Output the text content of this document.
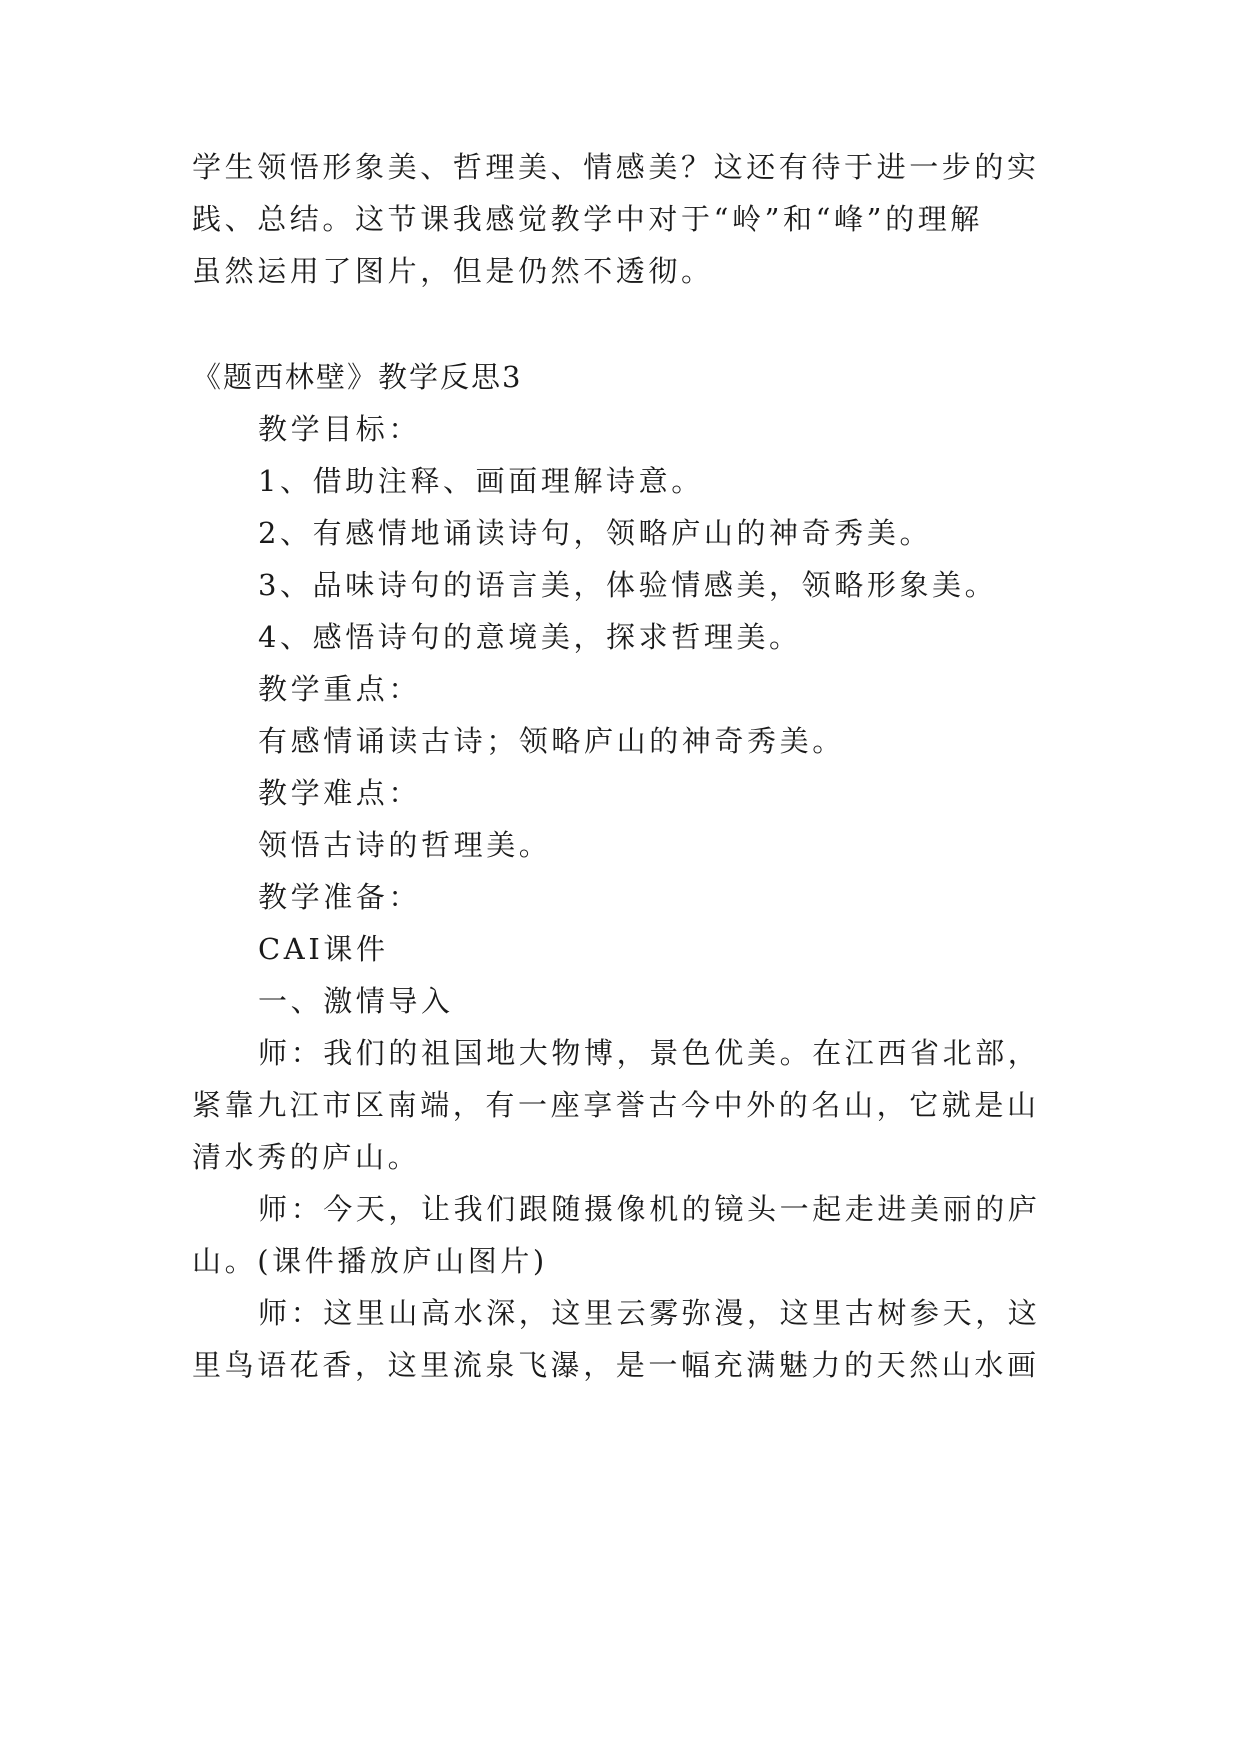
学生领悟形象美、哲理美、情感美？这还有待于进一步的实

践、总结。这节课我感觉教学中对于“岭”和“峰”的理解

虽然运用了图片，但是仍然不透彻。

《题西林壁》教学反思3

教学目标：

1、借助注释、画面理解诗意。

2、有感情地诵读诗句，领略庐山的神奇秀美。

3、品味诗句的语言美，体验情感美，领略形象美。

4、感悟诗句的意境美，探求哲理美。

教学重点：

有感情诵读古诗；领略庐山的神奇秀美。

教学难点：

领悟古诗的哲理美。

教学准备：

CAI课件

一、激情导入

师：我们的祖国地大物博，景色优美。在江西省北部，

紧靠九江市区南端，有一座享誉古今中外的名山，它就是山

清水秀的庐山。

师：今天，让我们跟随摄像机的镜头一起走进美丽的庐

山。(课件播放庐山图片)

师：这里山高水深，这里云雾弥漫，这里古树参天，这

里鸟语花香，这里流泉飞瀑，是一幅充满魅力的天然山水画
